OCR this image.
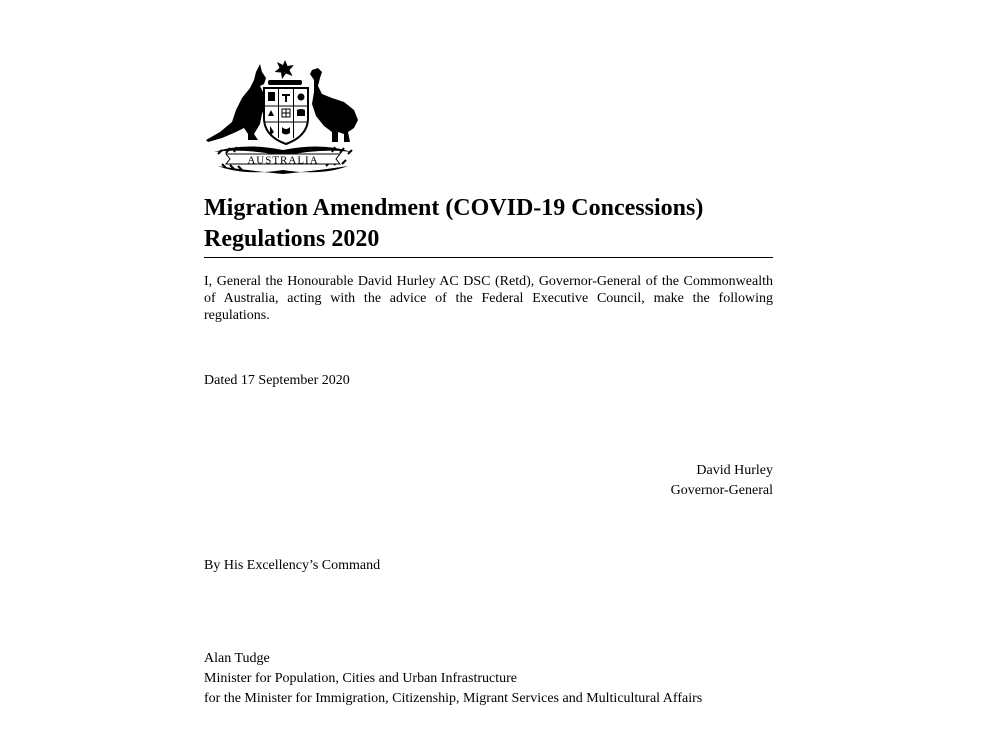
AUSTRALIA
Migration Amendment (COVID-19 Concessions)
Regulations 2020

I, General the Honourable David Hurley AC DSC (Retd), Governor-General of the Commonwealth of Australia, acting with the advice of the Federal Executive Council, make the following regulations.

Dated 17 September 2020

David Hurley
Governor-General

By His Excellency’s Command

Alan Tudge
Minister for Population, Cities and Urban Infrastructure
for the Minister for Immigration, Citizenship, Migrant Services and Multicultural Affairs
